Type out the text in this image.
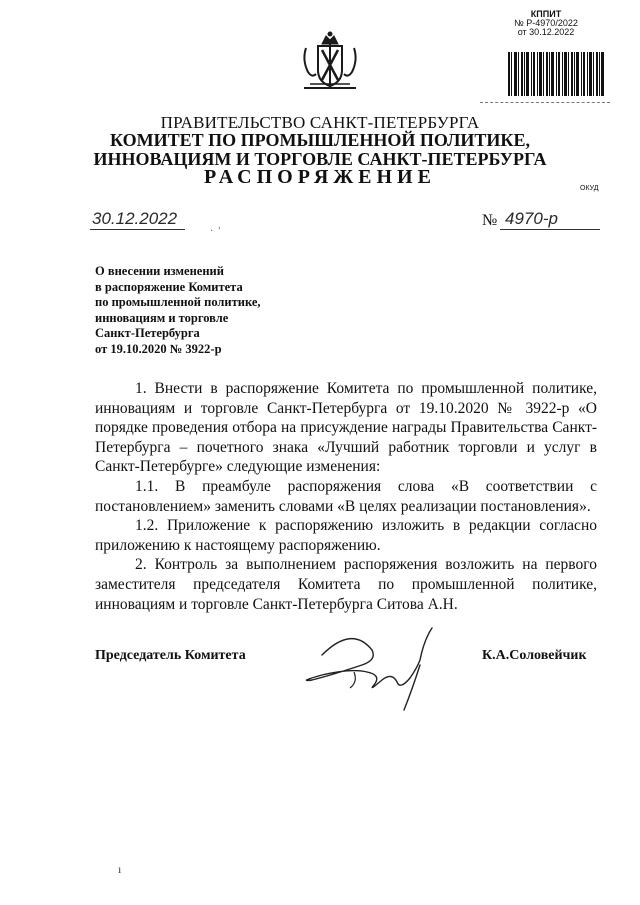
КППИТ
№ Р-4970/2022
от 30.12.2022
ПРАВИТЕЛЬСТВО САНКТ-ПЕТЕРБУРГА
КОМИТЕТ ПО ПРОМЫШЛЕННОЙ ПОЛИТИКЕ,
ИННОВАЦИЯМ И ТОРГОВЛЕ САНКТ-ПЕТЕРБУРГА
РАСПОРЯЖЕНИЕ
ОКУД
30.12.2022
·  '
№ 4970-р
О внесении изменений
в распоряжение Комитета
по промышленной политике,
инновациям и торговле
Санкт-Петербурга
от 19.10.2020 № 3922-р

1. Внести в распоряжение Комитета по промышленной политике, инновациям и торговле Санкт-Петербурга от 19.10.2020 № 3922-р «О порядке проведения отбора на присуждение награды Правительства Санкт-Петербурга – почетного знака «Лучший работник торговли и услуг в Санкт-Петербурге» следующие изменения:

1.1. В преамбуле распоряжения слова «В соответствии с постановлением» заменить словами «В целях реализации постановления».

1.2. Приложение к распоряжению изложить в редакции согласно приложению к настоящему распоряжению.

2. Контроль за выполнением распоряжения возложить на первого заместителя председателя Комитета по промышленной политике, инновациям и торговле Санкт-Петербурга Ситова А.Н.

Председатель Комитета	К.А.Соловейчик
ı
